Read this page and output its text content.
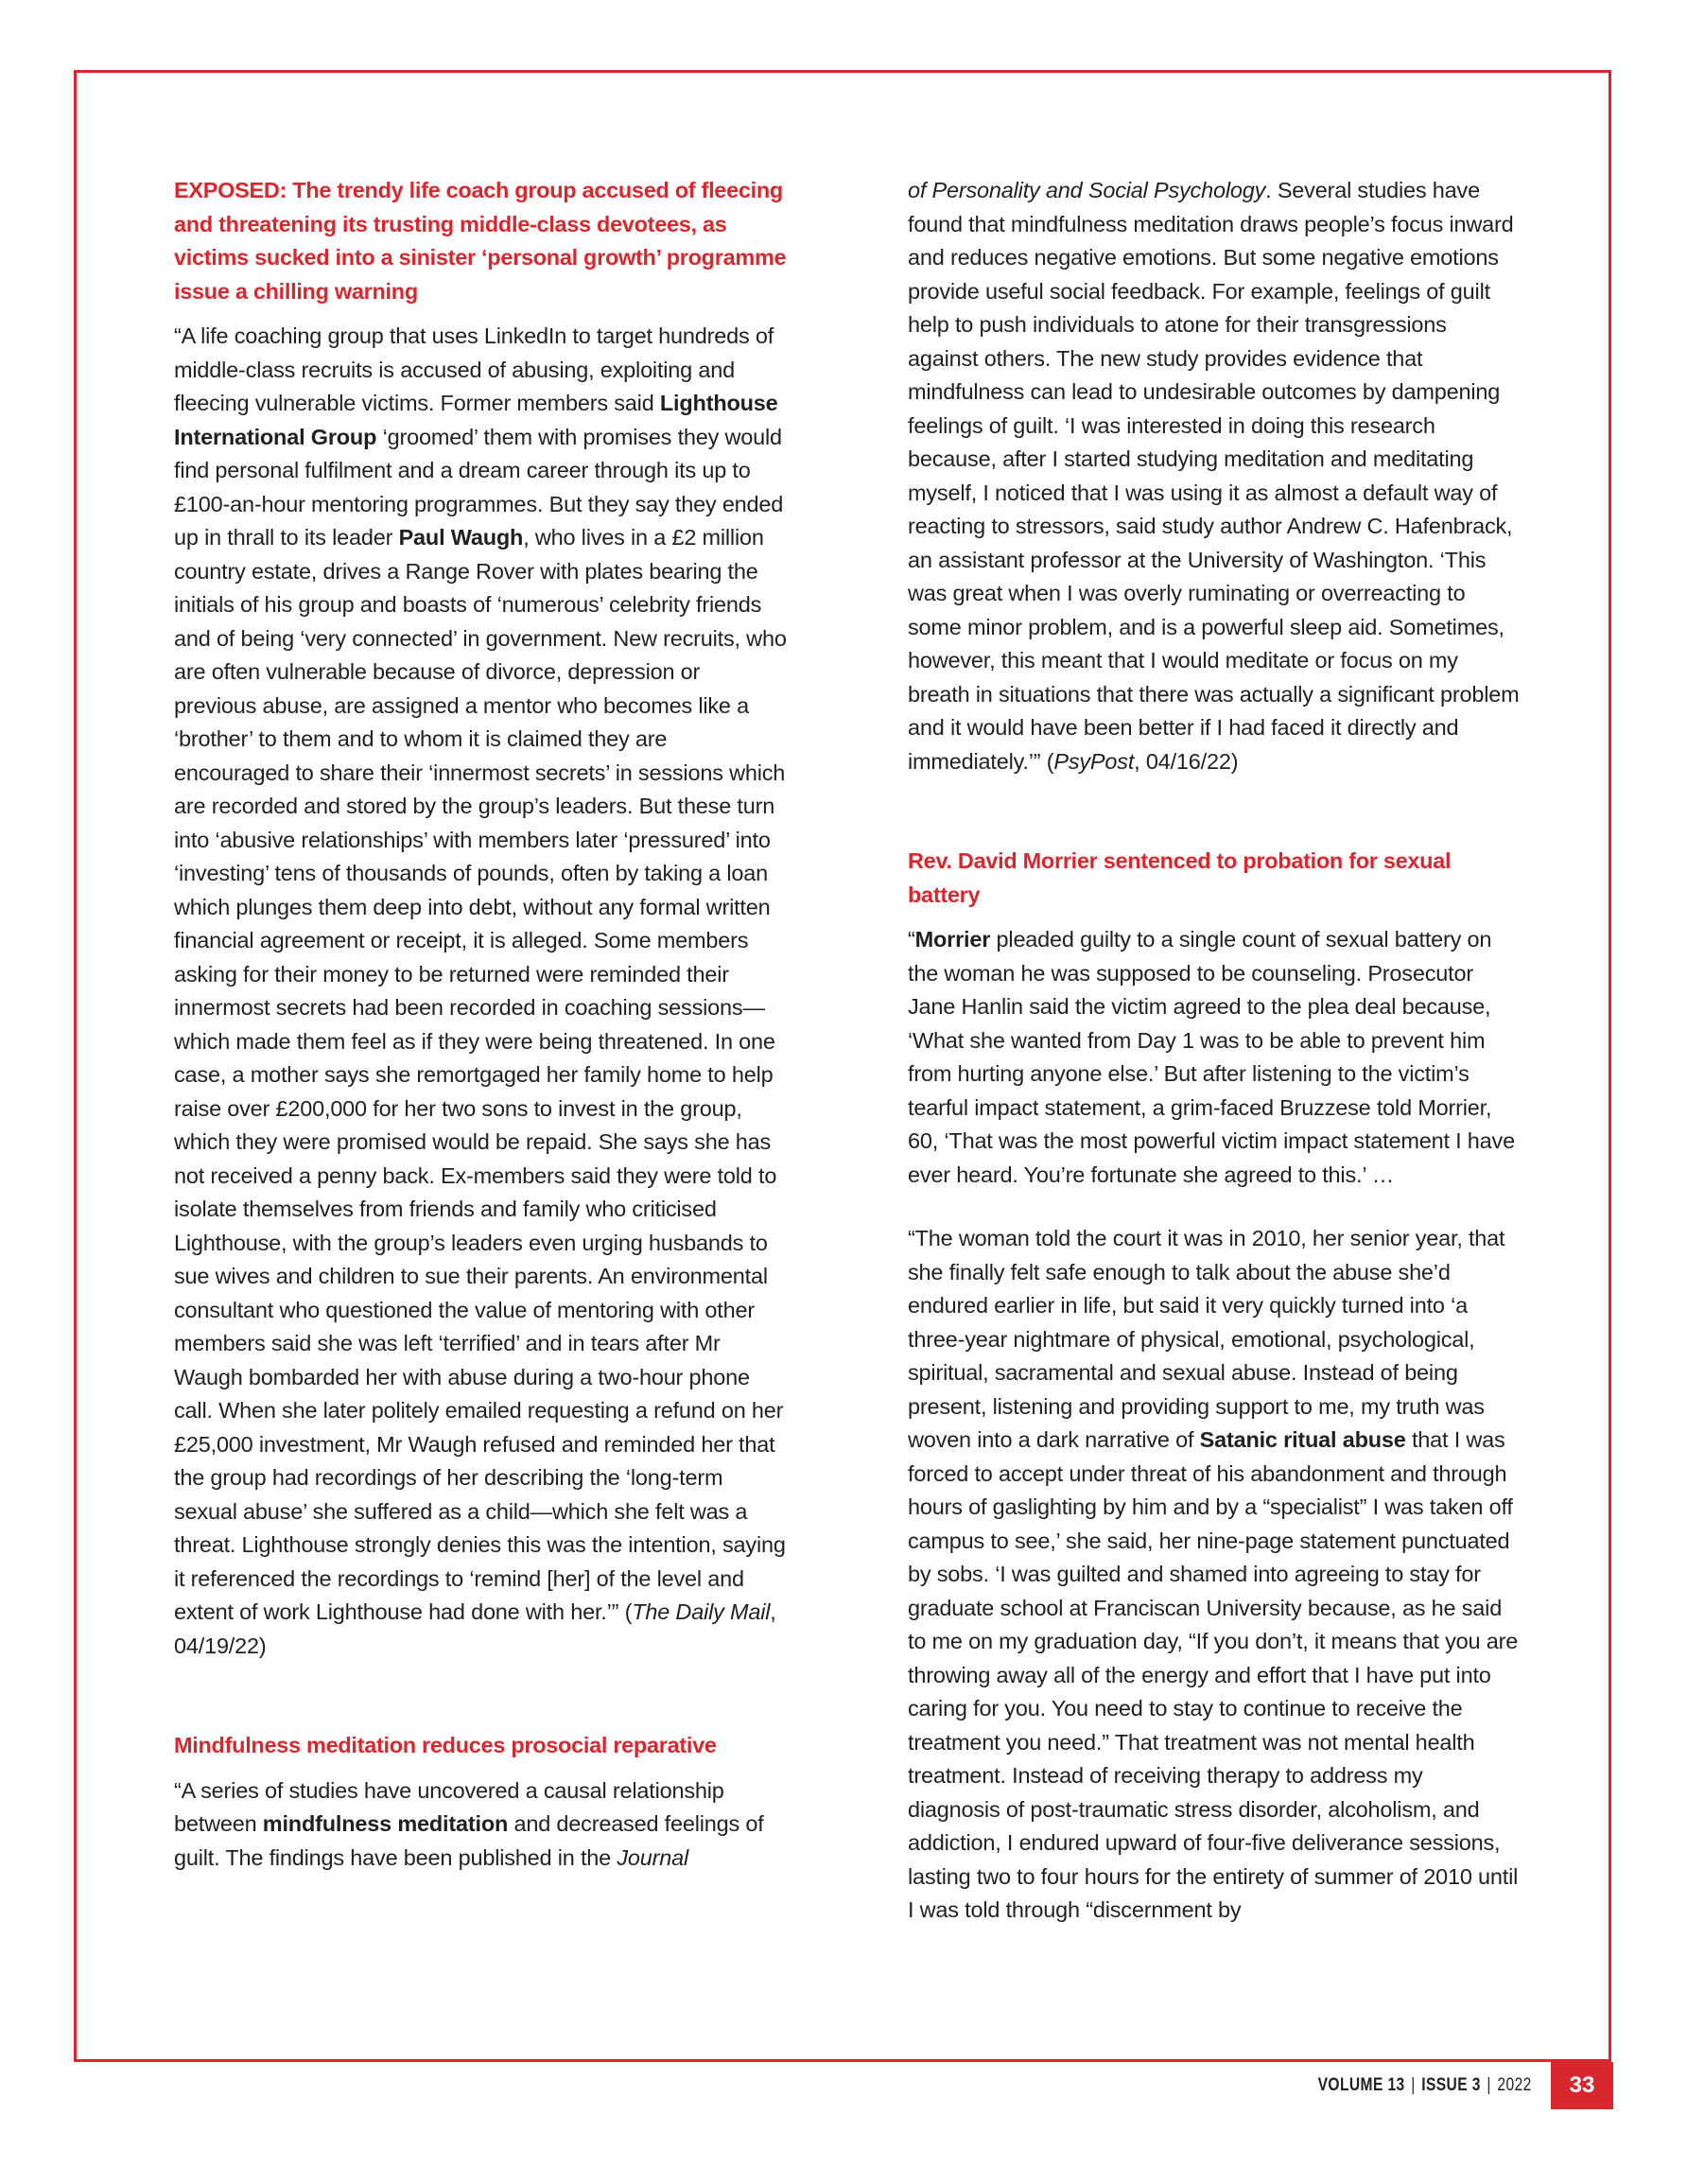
EXPOSED: The trendy life coach group accused of fleecing and threatening its trusting middle-class devotees, as victims sucked into a sinister ‘personal growth’ programme issue a chilling warning

“A life coaching group that uses LinkedIn to target hundreds of middle-class recruits is accused of abusing, exploiting and fleecing vulnerable victims. Former members said Lighthouse International Group ‘groomed’ them with promises they would find personal fulfilment and a dream career through its up to £100-an-hour mentoring programmes. But they say they ended up in thrall to its leader Paul Waugh, who lives in a £2 million country estate, drives a Range Rover with plates bearing the initials of his group and boasts of ‘numerous’ celebrity friends and of being ‘very connected’ in government. New recruits, who are often vulnerable because of divorce, depression or previous abuse, are assigned a mentor who becomes like a ‘brother’ to them and to whom it is claimed they are encouraged to share their ‘innermost secrets’ in sessions which are recorded and stored by the group’s leaders. But these turn into ‘abusive relationships’ with members later ‘pressured’ into ‘investing’ tens of thousands of pounds, often by taking a loan which plunges them deep into debt, without any formal written financial agreement or receipt, it is alleged. Some members asking for their money to be returned were reminded their innermost secrets had been recorded in coaching sessions—which made them feel as if they were being threatened. In one case, a mother says she remortgaged her family home to help raise over £200,000 for her two sons to invest in the group, which they were promised would be repaid. She says she has not received a penny back. Ex-members said they were told to isolate themselves from friends and family who criticised Lighthouse, with the group’s leaders even urging husbands to sue wives and children to sue their parents. An environmental consultant who questioned the value of mentoring with other members said she was left ‘terrified’ and in tears after Mr Waugh bombarded her with abuse during a two-hour phone call. When she later politely emailed requesting a refund on her £25,000 investment, Mr Waugh refused and reminded her that the group had recordings of her describing the ‘long-term sexual abuse’ she suffered as a child—which she felt was a threat. Lighthouse strongly denies this was the intention, saying it referenced the recordings to ‘remind [her] of the level and extent of work Lighthouse had done with her.’” (The Daily Mail, 04/19/22)

Mindfulness meditation reduces prosocial reparative

“A series of studies have uncovered a causal relationship between mindfulness meditation and decreased feelings of guilt. The findings have been published in the Journal

of Personality and Social Psychology. Several studies have found that mindfulness meditation draws people’s focus inward and reduces negative emotions. But some negative emotions provide useful social feedback. For example, feelings of guilt help to push individuals to atone for their transgressions against others. The new study provides evidence that mindfulness can lead to undesirable outcomes by dampening feelings of guilt. ‘I was interested in doing this research because, after I started studying meditation and meditating myself, I noticed that I was using it as almost a default way of reacting to stressors, said study author Andrew C. Hafenbrack, an assistant professor at the University of Washington. ‘This was great when I was overly ruminating or overreacting to some minor problem, and is a powerful sleep aid. Sometimes, however, this meant that I would meditate or focus on my breath in situations that there was actually a significant problem and it would have been better if I had faced it directly and immediately.’” (PsyPost, 04/16/22)

Rev. David Morrier sentenced to probation for sexual battery

“Morrier pleaded guilty to a single count of sexual battery on the woman he was supposed to be counseling. Prosecutor Jane Hanlin said the victim agreed to the plea deal because, ‘What she wanted from Day 1 was to be able to prevent him from hurting anyone else.’ But after listening to the victim’s tearful impact statement, a grim-faced Bruzzese told Morrier, 60, ‘That was the most powerful victim impact statement I have ever heard. You’re fortunate she agreed to this.’ …

“The woman told the court it was in 2010, her senior year, that she finally felt safe enough to talk about the abuse she’d endured earlier in life, but said it very quickly turned into ‘a three-year nightmare of physical, emotional, psychological, spiritual, sacramental and sexual abuse. Instead of being present, listening and providing support to me, my truth was woven into a dark narrative of Satanic ritual abuse that I was forced to accept under threat of his abandonment and through hours of gaslighting by him and by a “specialist” I was taken off campus to see,’ she said, her nine-page statement punctuated by sobs. ‘I was guilted and shamed into agreeing to stay for graduate school at Franciscan University because, as he said to me on my graduation day, “If you don’t, it means that you are throwing away all of the energy and effort that I have put into caring for you. You need to stay to continue to receive the treatment you need.” That treatment was not mental health treatment. Instead of receiving therapy to address my diagnosis of post-traumatic stress disorder, alcoholism, and addiction, I endured upward of four-five deliverance sessions, lasting two to four hours for the entirety of summer of 2010 until I was told through “discernment by

VOLUME 13 | ISSUE 3 | 2022	33
